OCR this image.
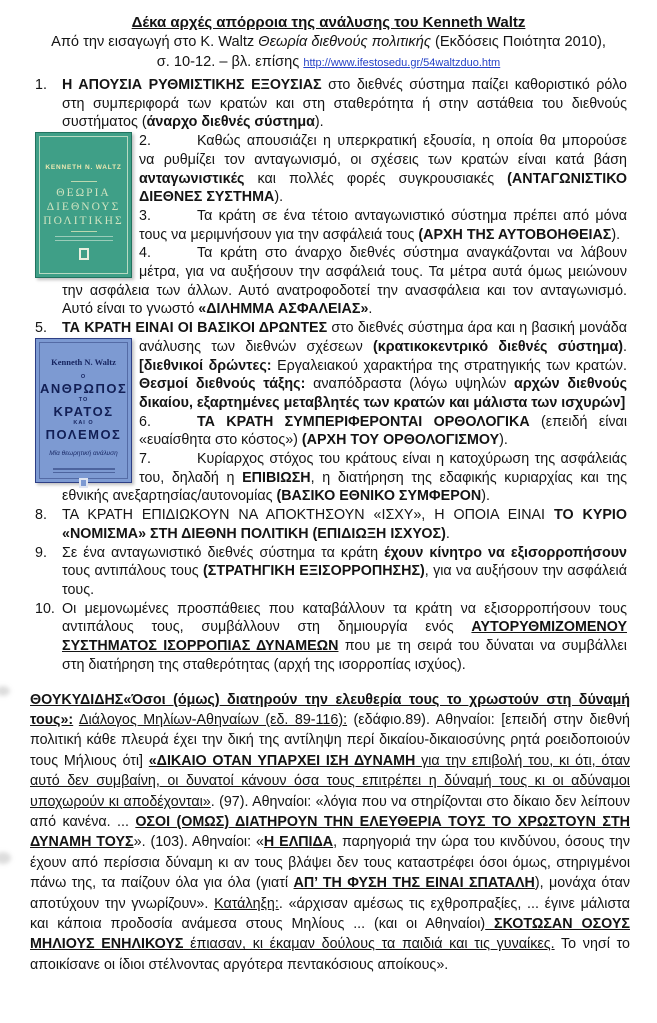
Δέκα αρχές απόρροια της ανάλυσης του Kenneth Waltz
Από την εισαγωγή στο Κ. Waltz Θεωρία διεθνούς πολιτικής (Εκδόσεις Ποιότητα 2010),
σ. 10-12. – βλ. επίσης http://www.ifestosedu.gr/54waltzduo.htm

1. Η ΑΠΟΥΣΙΑ ΡΥΘΜΙΣΤΙΚΗΣ ΕΞΟΥΣΙΑΣ στο διεθνές σύστημα παίζει καθοριστικό ρόλο στη συμπεριφορά των κρατών και στη σταθερότητα ή στην αστάθεια του διεθνούς συστήματος (άναρχο διεθνές σύστημα).

KENNETH N. WALTZ
ΘΕΩΡΙΑ
ΔΙΕΘΝΟΥΣ
ΠΟΛΙΤΙΚΗΣ
2.	Καθώς απουσιάζει η υπερκρατική εξουσία, η οποία θα μπορούσε να ρυθμίζει τον ανταγωνισμό, οι σχέσεις των κρατών είναι κατά βάση ανταγωνιστικές και πολλές φορές συγκρουσιακές (ΑΝΤΑΓΩΝΙΣΤΙΚΟ ΔΙΕΘΝΕΣ ΣΥΣΤΗΜΑ).

3.	Τα κράτη σε ένα τέτοιο ανταγωνιστικό σύστημα πρέπει από μόνα τους να μεριμνήσουν για την ασφάλειά τους (ΑΡΧΗ ΤΗΣ ΑΥΤΟΒΟΗΘΕΙΑΣ).

4.	Τα κράτη στο άναρχο διεθνές σύστημα αναγκάζονται να λάβουν μέτρα, για να αυξήσουν την ασφάλειά τους. Τα μέτρα αυτά όμως μειώνουν την ασφάλεια των άλλων. Αυτό ανατροφοδοτεί την ανασφάλεια και τον ανταγωνισμό. Αυτό είναι το γνωστό «ΔΙΛΗΜΜΑ ΑΣΦΑΛΕΙΑΣ».

5. ΤΑ ΚΡΑΤΗ ΕΙΝΑΙ ΟΙ ΒΑΣΙΚΟΙ ΔΡΩΝΤΕΣ στο διεθνές σύστημα άρα και η βασική μονάδα ανάλυσης των διεθνών σχέσεων (κρατικοκεντρικό διεθνές
Kenneth N. Waltz
Ο
ΑΝΘΡΩΠΟΣ
ΤΟ
ΚΡΑΤΟΣ
ΚΑΙ Ο
ΠΟΛΕΜΟΣ
Μία θεωρητική ανάλυση
σύστημα). [διεθνικοί δρώντες: Εργαλειακού χαρακτήρα της στρατηγικής των κρατών. Θεσμοί διεθνούς τάξης: αναπόδραστα (λόγω υψηλών αρχών διεθνούς δικαίου, εξαρτημένες μεταβλητές των κρατών και μάλιστα των ισχυρών]

6.	ΤΑ ΚΡΑΤΗ ΣΥΜΠΕΡΙΦΕΡΟΝΤΑΙ ΟΡΘΟΛΟΓΙΚΑ (επειδή είναι «ευαίσθητα στο κόστος») (ΑΡΧΗ ΤΟΥ ΟΡΘΟΛΟΓΙΣΜΟΥ).

7.	Κυρίαρχος στόχος του κράτους είναι η κατοχύρωση της ασφάλειάς του, δηλαδή η ΕΠΙΒΙΩΣΗ, η διατήρηση της εδαφικής κυριαρχίας και της εθνικής ανεξαρτησίας/αυτονομίας (ΒΑΣΙΚΟ ΕΘΝΙΚΟ ΣΥΜΦΕΡΟΝ).

8. ΤΑ ΚΡΑΤΗ ΕΠΙΔΙΩΚΟΥΝ ΝΑ ΑΠΟΚΤΗΣΟΥΝ «ΙΣΧΥ», Η ΟΠΟΙΑ ΕΙΝΑΙ ΤΟ ΚΥΡΙΟ «ΝΟΜΙΣΜΑ» ΣΤΗ ΔΙΕΘΝΗ ΠΟΛΙΤΙΚΗ (ΕΠΙΔΙΩΞΗ ΙΣΧΥΟΣ).

9. Σε ένα ανταγωνιστικό διεθνές σύστημα τα κράτη έχουν κίνητρο να εξισορροπήσουν τους αντιπάλους τους (ΣΤΡΑΤΗΓΙΚΗ ΕΞΙΣΟΡΡΟΠΗΣΗΣ), για να αυξήσουν την ασφάλειά τους.

10. Οι μεμονωμένες προσπάθειες που καταβάλλουν τα κράτη να εξισορροπήσουν τους αντιπάλους τους, συμβάλλουν στη δημιουργία ενός ΑΥΤΟΡΥΘΜΙΖΟΜΕΝΟΥ ΣΥΣΤΗΜΑΤΟΣ ΙΣΟΡΡΟΠΙΑΣ ΔΥΝΑΜΕΩΝ που με τη σειρά του δύναται να συμβάλλει στη διατήρηση της σταθερότητας (αρχή της ισορροπίας ισχύος).

ΘΟΥΚΥΔΙΔΗΣ«Όσοι (όμως) διατηρούν την ελευθερία τους το χρωστούν στη δύναμή τους»: Διάλογος Μηλίων-Αθηναίων (εδ. 89-116): (εδάφιο.89). Αθηναίοι: [επειδή στην διεθνή πολιτική κάθε πλευρά έχει την δική της αντίληψη περί δικαίου-δικαιοσύνης ρητά ροειδοποιούν τους Μήλιους ότι] «ΔΙΚΑΙΟ ΟΤΑΝ ΥΠΑΡΧΕΙ ΙΣΗ ΔΥΝΑΜΗ για την επιβολή του, κι ότι, όταν αυτό δεν συμβαίνη, οι δυνατοί κάνουν όσα τους επιτρέπει η δύναμή τους κι οι αδύναμοι υποχωρούν κι αποδέχονται». (97). Αθηναίοι: «λόγια που να στηρίζονται στο δίκαιο δεν λείπουν από κανένα. ... ΟΣΟΙ (ΟΜΩΣ) ΔΙΑΤΗΡΟΥΝ ΤΗΝ ΕΛΕΥΘΕΡΙΑ ΤΟΥΣ ΤΟ ΧΡΩΣΤΟΥΝ ΣΤΗ ΔΥΝΑΜΗ ΤΟΥΣ». (103). Αθηναίοι: «Η ΕΛΠΙΔΑ, παρηγοριά την ώρα του κινδύνου, όσους την έχουν από περίσσια δύναμη κι αν τους βλάψει δεν τους καταστρέφει όσοι όμως, στηριγμένοι πάνω της, τα παίζουν όλα για όλα (γιατί ΑΠ’ ΤΗ ΦΥΣΗ ΤΗΣ ΕΙΝΑΙ ΣΠΑΤΑΛΗ), μονάχα όταν αποτύχουν την γνωρίζουν». Κατάληξη:. «άρχισαν αμέσως τις εχθροπραξίες, ... έγινε μάλιστα και κάποια προδοσία ανάμεσα στους Μηλίους ... (και οι Αθηναίοι) ΣΚΟΤΩΣΑΝ ΟΣΟΥΣ ΜΗΛΙΟΥΣ ΕΝΗΛΙΚΟΥΣ έπιασαν, κι έκαμαν δούλους τα παιδιά και τις γυναίκες. Το νησί το αποικίσανε οι ίδιοι στέλνοντας αργότερα πεντακόσιους αποίκους».
